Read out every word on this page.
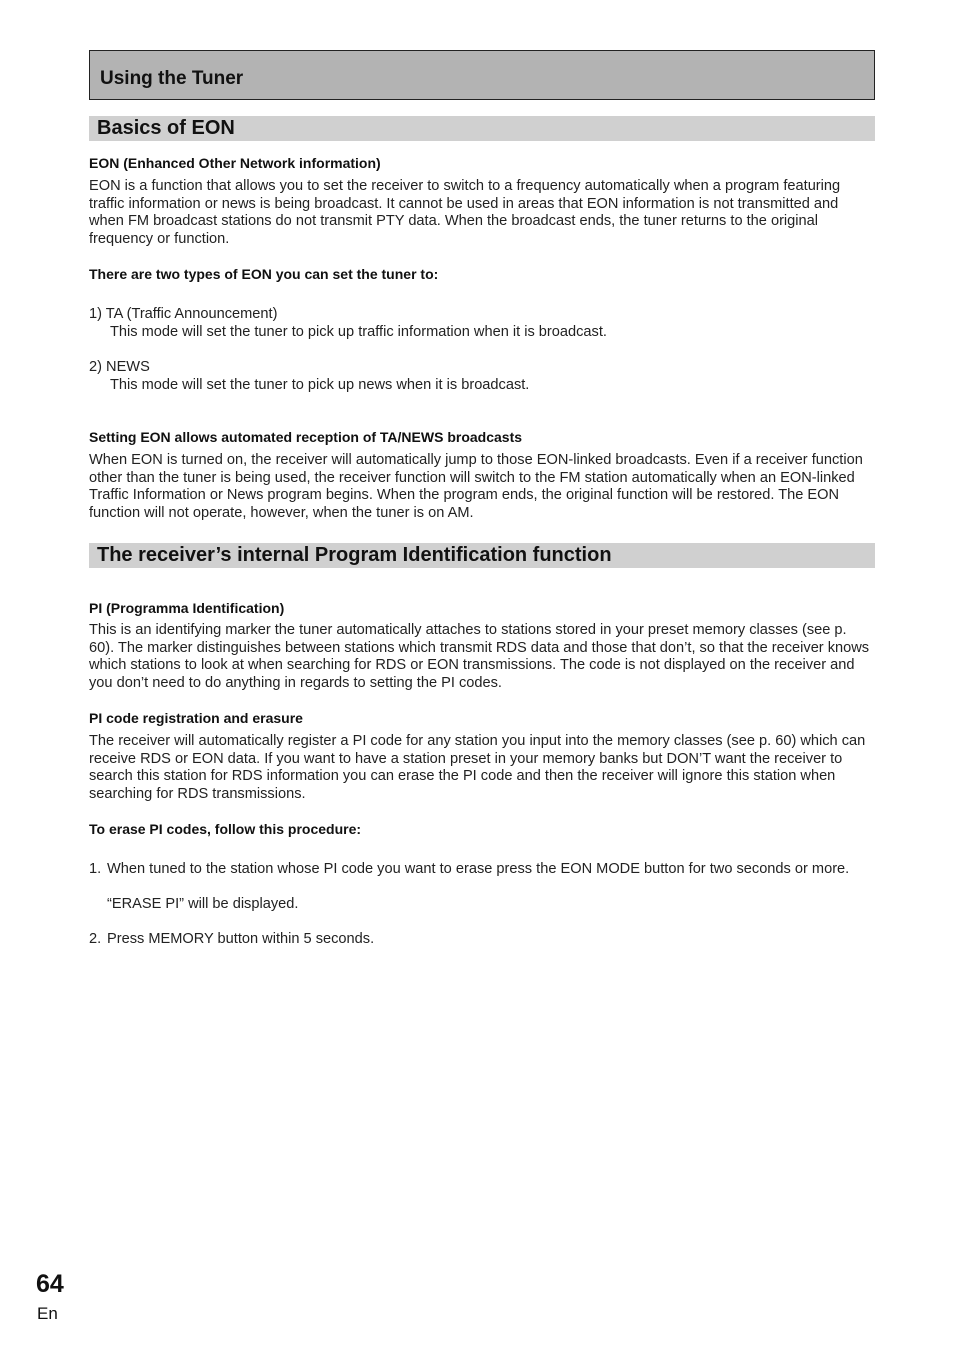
Using the Tuner
Basics of EON
EON (Enhanced Other Network information)
EON is a function that allows you to set the receiver to switch to a frequency automatically when a program featuring traffic information or news is being broadcast. It cannot be used in areas that EON information is not transmitted and when FM broadcast stations do not transmit PTY data. When the broadcast ends, the tuner returns to the original frequency or function.
There are two types of EON you can set the tuner to:
1) TA (Traffic Announcement)
This mode will set the tuner to pick up traffic information when it is broadcast.
2) NEWS
This mode will set the tuner to pick up news when it is broadcast.
Setting EON allows automated reception of TA/NEWS broadcasts
When EON is turned on, the receiver will automatically jump to those EON-linked broadcasts. Even if a receiver function other than the tuner is being used, the receiver function will switch to the FM station automatically when an EON-linked Traffic Information or News program begins. When the program ends, the original function will be restored. The EON function will not operate, however, when the tuner is on AM.
The receiver’s internal Program Identification function
PI (Programma Identification)
This is an identifying marker the tuner automatically attaches to stations stored in your preset memory classes (see p. 60). The marker distinguishes between stations which transmit RDS data and those that don’t, so that the receiver knows which stations to look at when searching for RDS or EON transmissions. The code is not displayed on the receiver and you don’t need to do anything in regards to setting the PI codes.
PI code registration and erasure
The receiver will automatically register a PI code for any station you input into the memory classes (see p. 60) which can receive RDS or EON data. If you want to have a station preset in your memory banks but DON’T want the receiver to search this station for RDS information you can erase the PI code and then the receiver will ignore this station when searching for RDS transmissions.
To erase PI codes, follow this procedure:
1. When tuned to the station whose PI code you want to erase press the EON MODE button for two seconds or more.
“ERASE PI” will be displayed.
2. Press MEMORY button within 5 seconds.
64
En
